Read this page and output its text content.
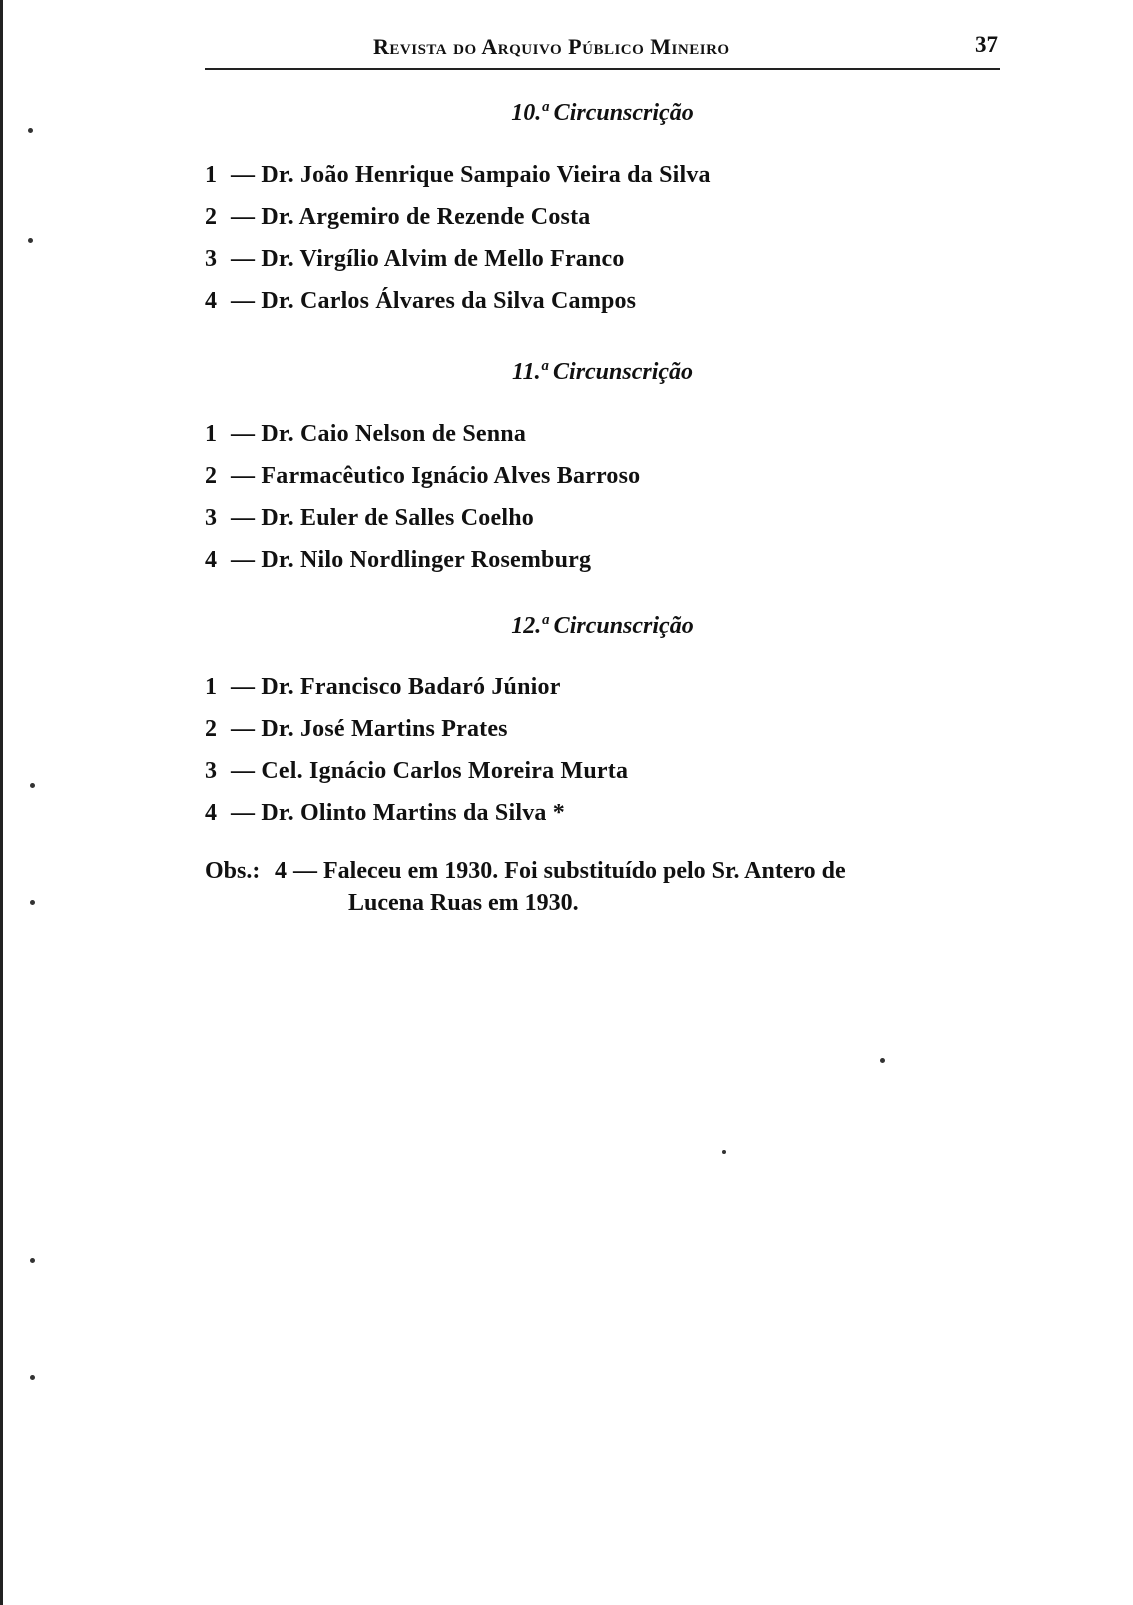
Revista do Arquivo Público Mineiro	37
10.ª Circunscrição
1 — Dr. João Henrique Sampaio Vieira da Silva
2 — Dr. Argemiro de Rezende Costa
3 — Dr. Virgílio Alvim de Mello Franco
4 — Dr. Carlos Álvares da Silva Campos
11.ª Circunscrição
1 — Dr. Caio Nelson de Senna
2 — Farmacêutico Ignácio Alves Barroso
3 — Dr. Euler de Salles Coelho
4 — Dr. Nilo Nordlinger Rosemburg
12.ª Circunscrição
1 — Dr. Francisco Badaró Júnior
2 — Dr. José Martins Prates
3 — Cel. Ignácio Carlos Moreira Murta
4 — Dr. Olinto Martins da Silva *
Obs.: 4 — Faleceu em 1930. Foi substituído pelo Sr. Antero de
Lucena Ruas em 1930.
